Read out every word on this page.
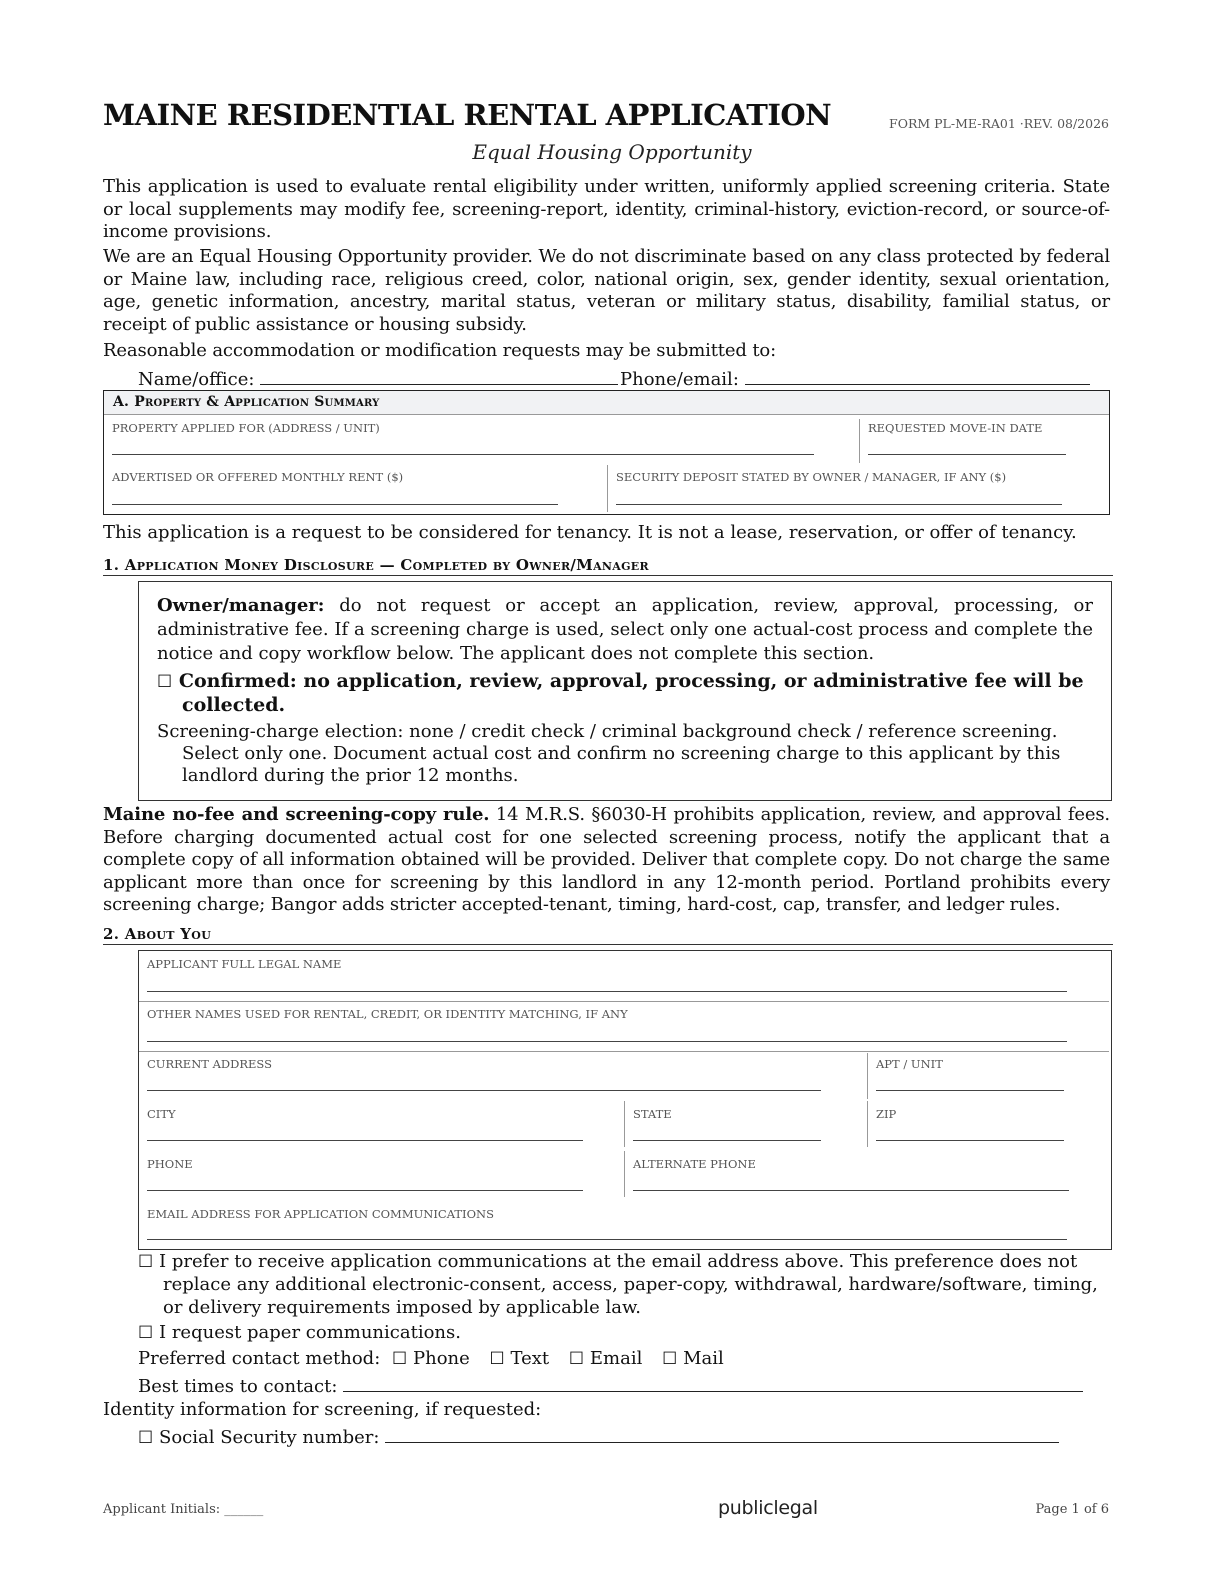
MAINE RESIDENTIAL RENTAL APPLICATION	FORM PL-ME-RA01 ·REV. 08/2026
Equal Housing Opportunity
This application is used to evaluate rental eligibility under written, uniformly applied screening criteria. State or local supplements may modify fee, screening-report, identity, criminal-history, eviction-record, or source-of-income provisions.
We are an Equal Housing Opportunity provider. We do not discriminate based on any class protected by federal or Maine law, including race, religious creed, color, national origin, sex, gender identity, sexual orientation, age, genetic information, ancestry, marital status, veteran or military status, disability, familial status, or receipt of public assistance or housing subsidy.
Reasonable accommodation or modification requests may be submitted to:
Name/office:	Phone/email:
A. Property & Application Summary
PROPERTY APPLIED FOR (ADDRESS / UNIT)	REQUESTED MOVE-IN DATE
ADVERTISED OR OFFERED MONTHLY RENT ($)	SECURITY DEPOSIT STATED BY OWNER / MANAGER, IF ANY ($)
This application is a request to be considered for tenancy. It is not a lease, reservation, or offer of tenancy.
1. Application Money Disclosure — Completed by Owner/Manager
Owner/manager: do not request or accept an application, review, approval, processing, or administrative fee. If a screening charge is used, select only one actual-cost process and complete the notice and copy workflow below. The applicant does not complete this section.
☐ Confirmed: no application, review, approval, processing, or administrative fee will be
collected.
Screening-charge election: none / credit check / criminal background check / reference screening.
Select only one. Document actual cost and confirm no screening charge to this applicant by this
landlord during the prior 12 months.
Maine no-fee and screening-copy rule. 14 M.R.S. §6030-H prohibits application, review, and approval fees. Before charging documented actual cost for one selected screening process, notify the applicant that a complete copy of all information obtained will be provided. Deliver that complete copy. Do not charge the same applicant more than once for screening by this landlord in any 12-month period. Portland prohibits every screening charge; Bangor adds stricter accepted-tenant, timing, hard-cost, cap, transfer, and ledger rules.
2. About You
APPLICANT FULL LEGAL NAME
OTHER NAMES USED FOR RENTAL, CREDIT, OR IDENTITY MATCHING, IF ANY
CURRENT ADDRESS	APT / UNIT
CITY	STATE	ZIP
PHONE	ALTERNATE PHONE
EMAIL ADDRESS FOR APPLICATION COMMUNICATIONS
☐ I prefer to receive application communications at the email address above. This preference does not
replace any additional electronic-consent, access, paper-copy, withdrawal, hardware/software, timing,
or delivery requirements imposed by applicable law.
☐ I request paper communications.
Preferred contact method: ☐ Phone ☐ Text ☐ Email ☐ Mail
Best times to contact:
Identity information for screening, if requested:
☐ Social Security number:
Applicant Initials: ______	publiclegal	Page 1 of 6
